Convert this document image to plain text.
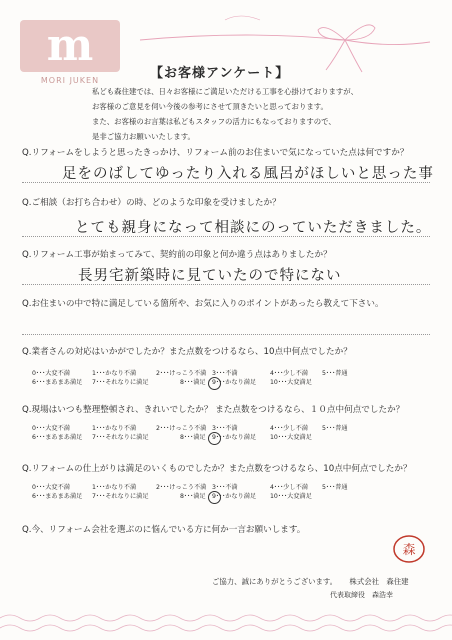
m
MORI JUKEN	【お客様アンケート】
私ども森住建では、日々お客様にご満足いただける工事を心掛けておりますが、
お客様のご意見を伺い今後の参考にさせて頂きたいと思っております。
また、お客様のお言葉は私どもスタッフの活力にもなっておりますので、
是非ご協力お願いいたします。
Q.リフォームをしようと思ったきっかけ、リフォーム前のお住まいで気になっていた点は何ですか？
足をのばしてゆったり入れる風呂がほしいと思った事
Q.ご相談（お打ち合わせ）の時、どのような印象を受けましたか？
とても親身になって相談にのっていただきました。
Q.リフォーム工事が始まってみて、契約前の印象と何か違う点はありましたか？
長男宅新築時に見ていたので特にない
Q.お住まいの中で特に満足している箇所や、お気に入りのポイントがあったら教えて下さい。
Q.業者さんの対応はいかがでしたか？また点数をつけるなら、10点中何点でしたか？
0･･･大変不満	1･･･かなり不満	2･･･けっこう不満 3･･･不満	4･･･少し不満 5･･･普通
6･･･まあまあ満足 7･･･それなりに満足	8･･･満足 9･･･かなり満足 10･･･大変満足
Q.現場はいつも整理整頓され、きれいでしたか？ また点数をつけるなら、１０点中何点でしたか？
0･･･大変不満	1･･･かなり不満	2･･･けっこう不満 3･･･不満	4･･･少し不満 5･･･普通
6･･･まあまあ満足 7･･･それなりに満足	8･･･満足 9･･･かなり満足 10･･･大変満足
Q.リフォームの仕上がりは満足のいくものでしたか？また点数をつけるなら、10点中何点でしたか？
0･･･大変不満	1･･･かなり不満	2･･･けっこう不満 3･･･不満	4･･･少し不満 5･･･普通
6･･･まあまあ満足 7･･･それなりに満足	8･･･満足 9･･･かなり満足 10･･･大変満足
Q.今、リフォーム会社を選ぶのに悩んでいる方に何か一言お願いします。
森
ご協力、誠にありがとうございます。 株式会社　森住建
代表取締役　森浩幸
